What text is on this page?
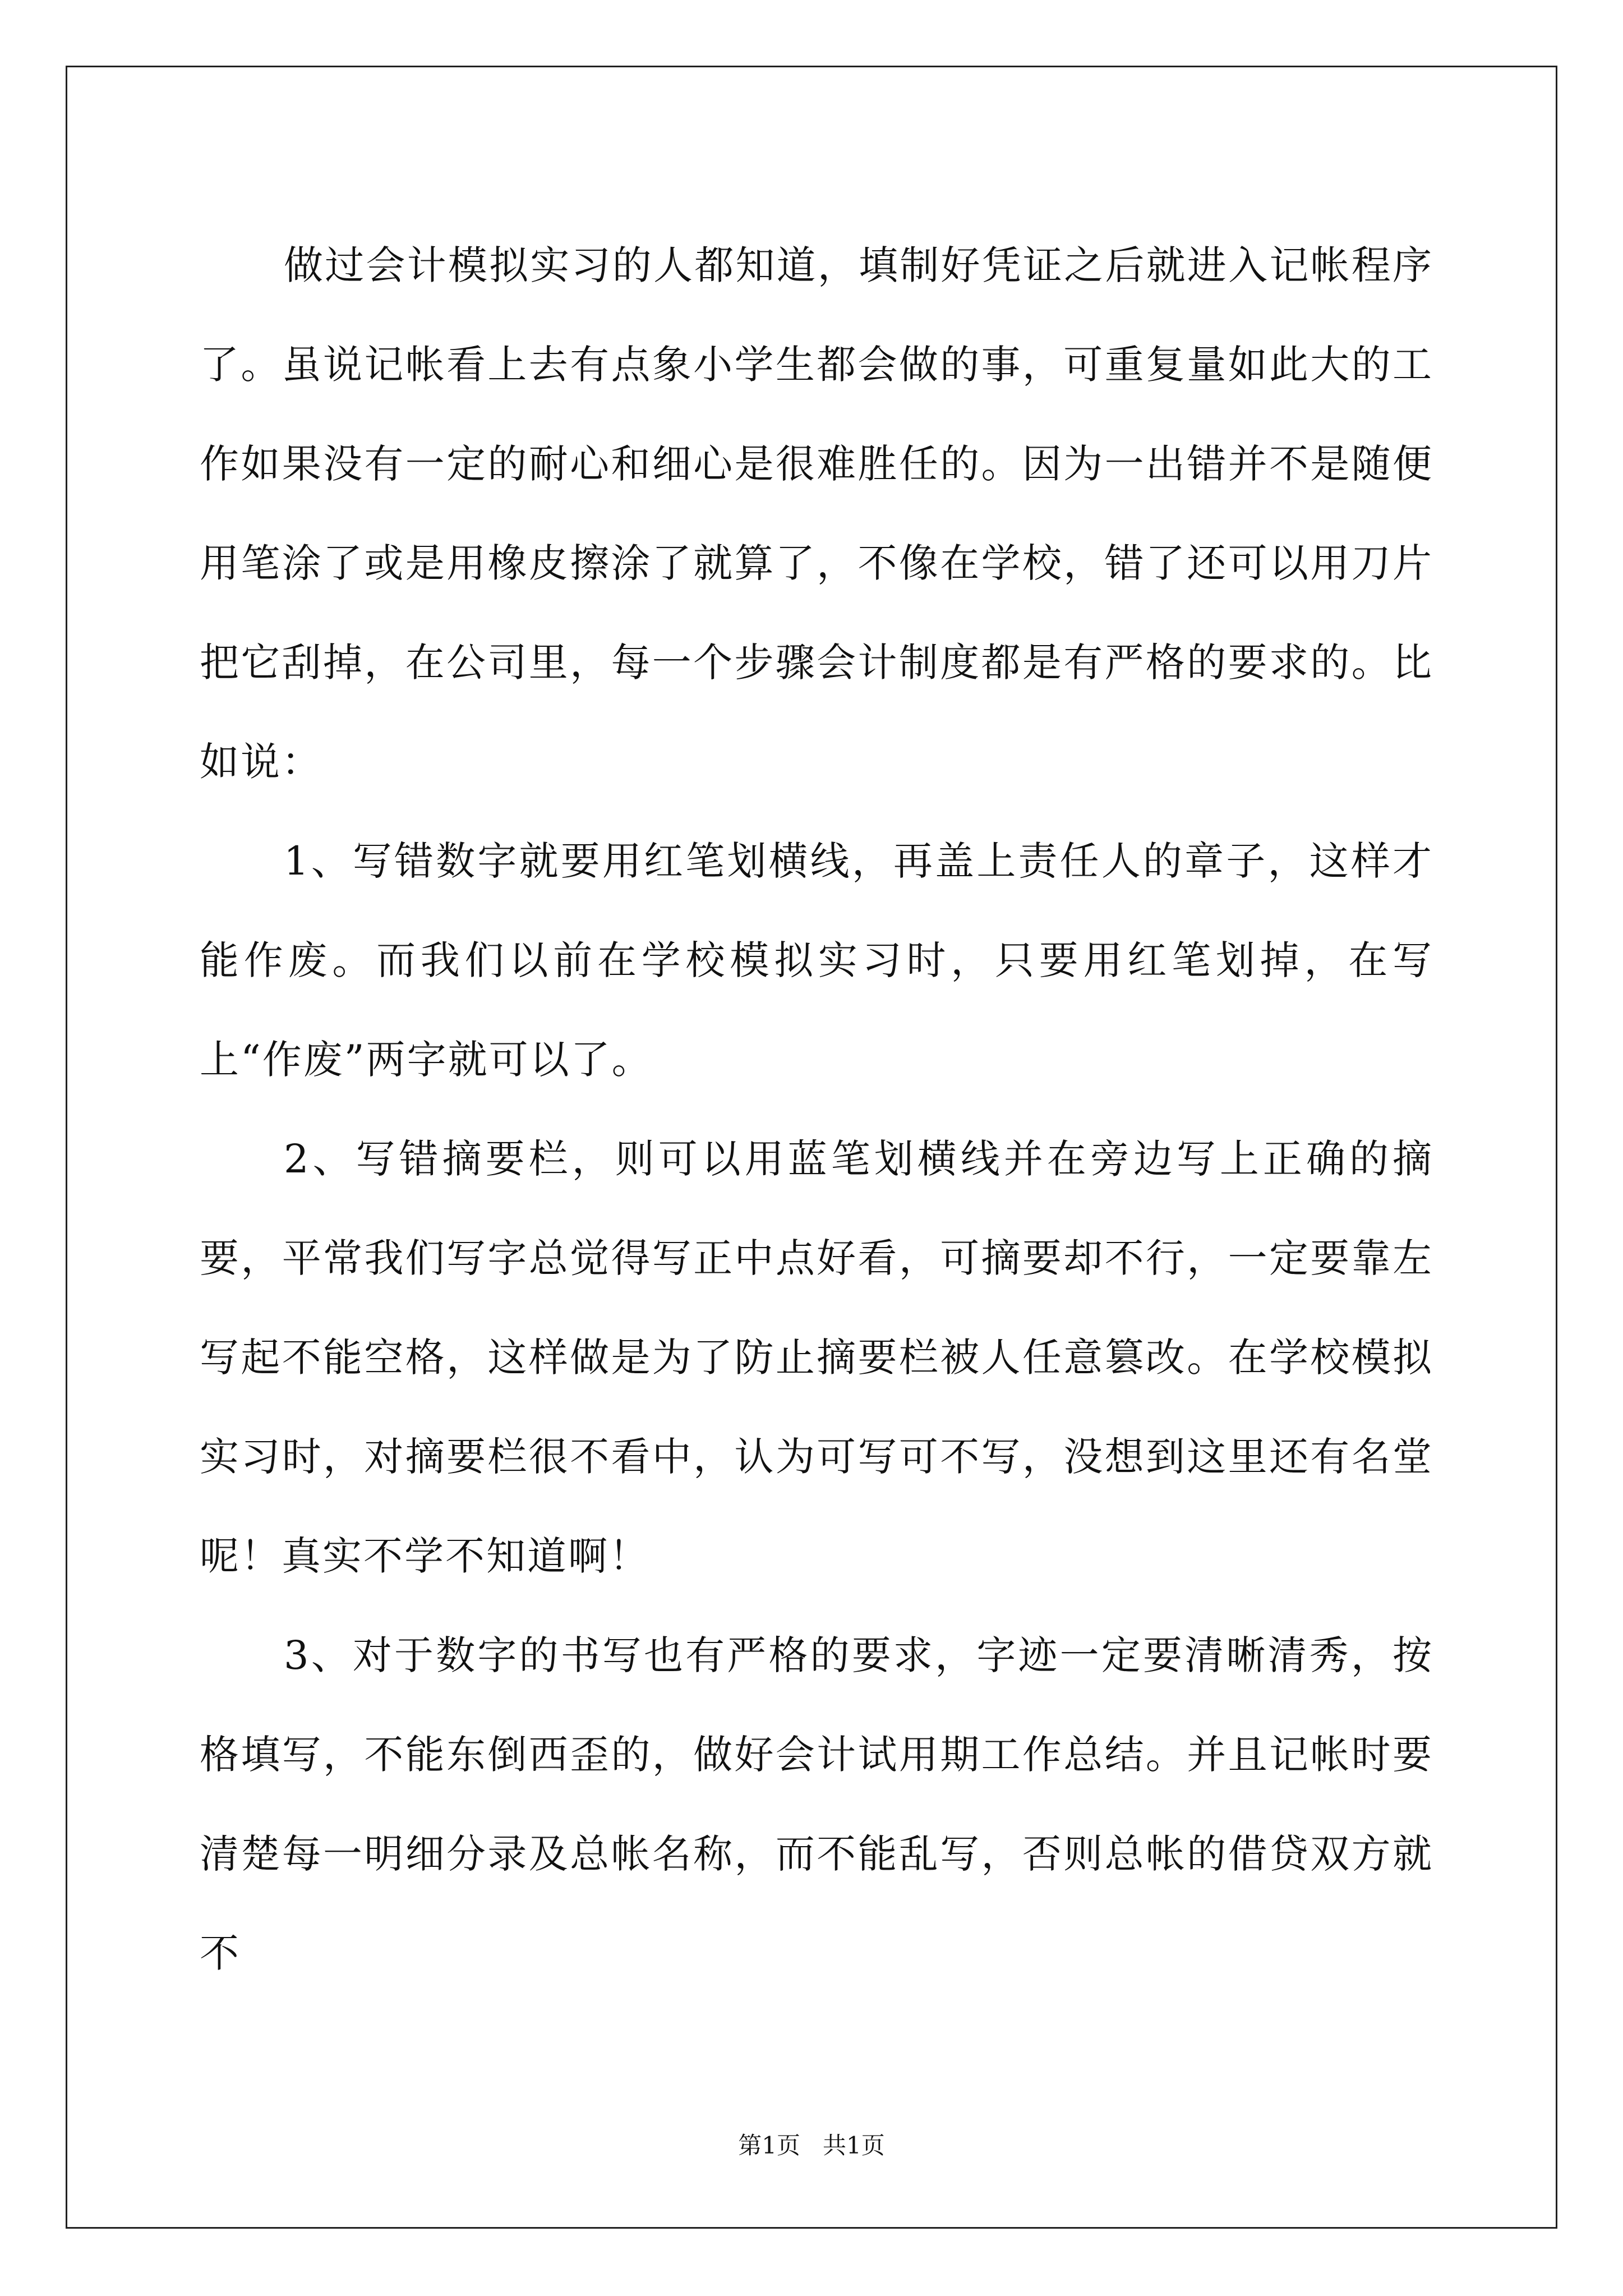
做过会计模拟实习的人都知道，填制好凭证之后就进入记帐程序了。虽说记帐看上去有点象小学生都会做的事，可重复量如此大的工作如果没有一定的耐心和细心是很难胜任的。因为一出错并不是随便用笔涂了或是用橡皮擦涂了就算了，不像在学校，错了还可以用刀片把它刮掉，在公司里，每一个步骤会计制度都是有严格的要求的。比如说：

1、写错数字就要用红笔划横线，再盖上责任人的章子，这样才能作废。而我们以前在学校模拟实习时，只要用红笔划掉，在写上“作废”两字就可以了。

2、写错摘要栏，则可以用蓝笔划横线并在旁边写上正确的摘要，平常我们写字总觉得写正中点好看，可摘要却不行，一定要靠左写起不能空格，这样做是为了防止摘要栏被人任意篡改。在学校模拟实习时，对摘要栏很不看中，认为可写可不写，没想到这里还有名堂呢！真实不学不知道啊！

3、对于数字的书写也有严格的要求，字迹一定要清晰清秀，按格填写，不能东倒西歪的，做好会计试用期工作总结。并且记帐时要清楚每一明细分录及总帐名称，而不能乱写，否则总帐的借贷双方就不

第1页 共1页
